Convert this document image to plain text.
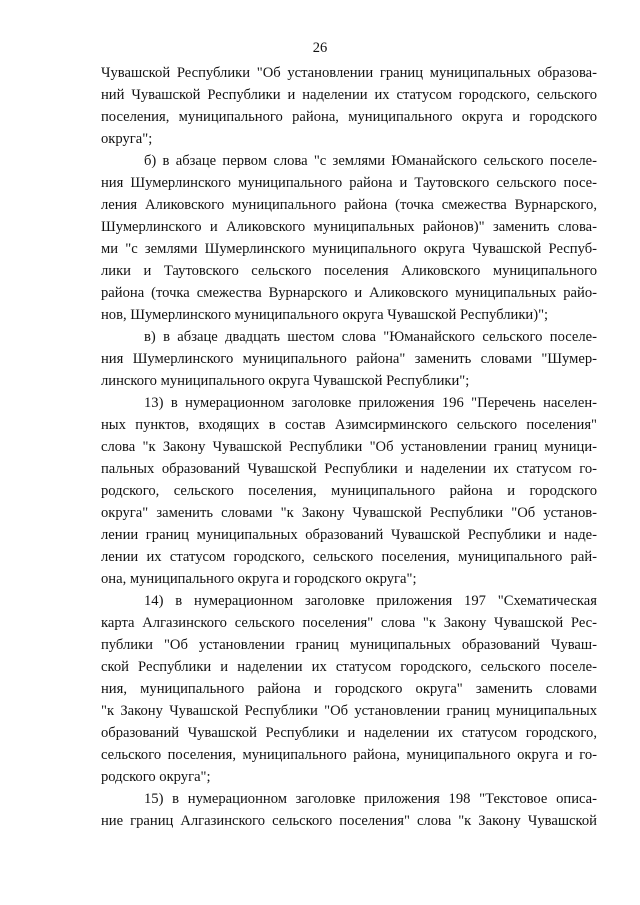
26
Чувашской Республики "Об установлении границ муниципальных образова-
ний Чувашской Республики и наделении их статусом городского, сельского
поселения, муниципального района, муниципального округа и городского
округа";
б) в абзаце первом слова "с землями Юманайского сельского поселе-
ния Шумерлинского муниципального района и Таутовского сельского посе-
ления Аликовского муниципального района (точка смежества Вурнарского,
Шумерлинского и Аликовского муниципальных районов)" заменить слова-
ми "с землями Шумерлинского муниципального округа Чувашской Респуб-
лики и Таутовского сельского поселения Аликовского муниципального
района (точка смежества Вурнарского и Аликовского муниципальных райо-
нов, Шумерлинского муниципального округа Чувашской Республики)";
в) в абзаце двадцать шестом слова "Юманайского сельского поселе-
ния Шумерлинского муниципального района" заменить словами "Шумер-
линского муниципального округа Чувашской Республики";
13) в нумерационном заголовке приложения 196 "Перечень населен-
ных пунктов, входящих в состав Азимсирминского сельского поселения"
слова "к Закону Чувашской Республики "Об установлении границ муници-
пальных образований Чувашской Республики и наделении их статусом го-
родского, сельского поселения, муниципального района и городского
округа" заменить словами "к Закону Чувашской Республики "Об установ-
лении границ муниципальных образований Чувашской Республики и наде-
лении их статусом городского, сельского поселения, муниципального рай-
она, муниципального округа и городского округа";
14) в нумерационном заголовке приложения 197 "Схематическая
карта Алгазинского сельского поселения" слова "к Закону Чувашской Рес-
публики "Об установлении границ муниципальных образований Чуваш-
ской Республики и наделении их статусом городского, сельского поселе-
ния, муниципального района и городского округа" заменить словами
"к Закону Чувашской Республики "Об установлении границ муниципальных
образований Чувашской Республики и наделении их статусом городского,
сельского поселения, муниципального района, муниципального округа и го-
родского округа";
15) в нумерационном заголовке приложения 198 "Текстовое описа-
ние границ Алгазинского сельского поселения" слова "к Закону Чувашской
